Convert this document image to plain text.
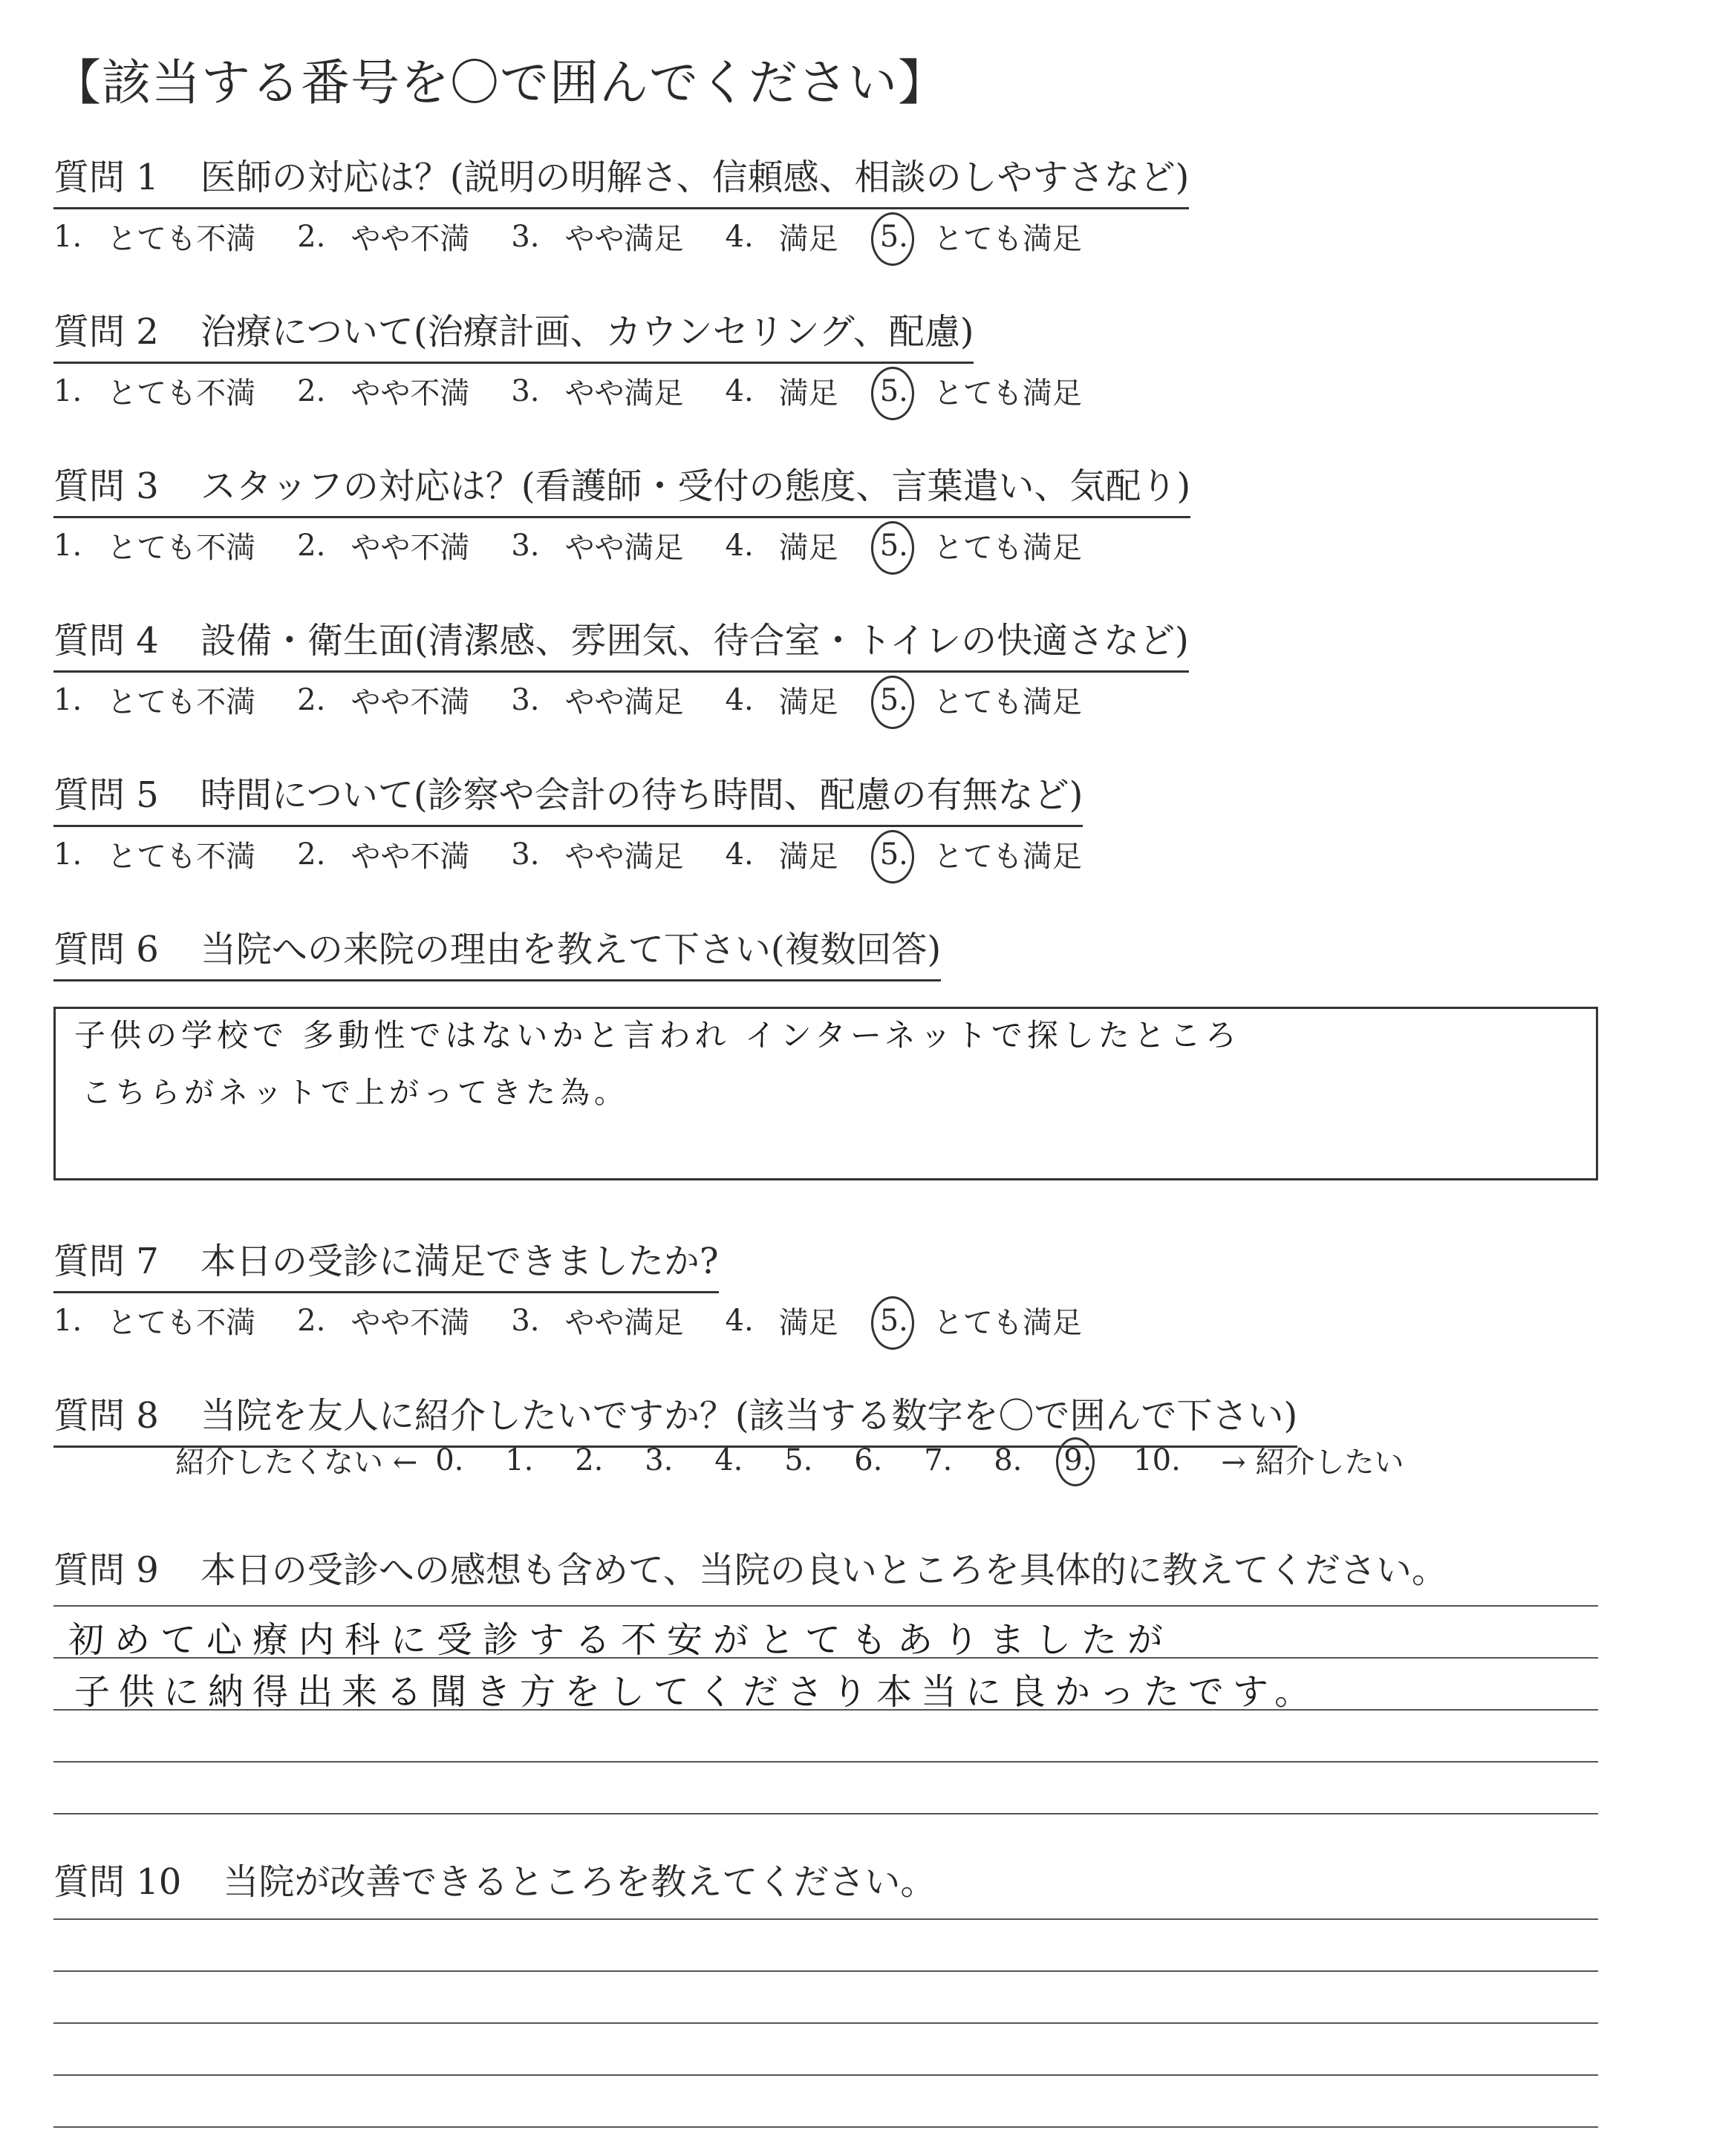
【該当する番号を〇で囲んでください】
質問 1 医師の対応は？(説明の明解さ、信頼感、相談のしやすさなど)
1. とても不満 2. やや不満 3. やや満足 4. 満足 5. とても満足
質問 2 治療について(治療計画、カウンセリング、配慮)
1. とても不満 2. やや不満 3. やや満足 4. 満足 5. とても満足
質問 3 スタッフの対応は？(看護師・受付の態度、言葉遣い、気配り)
1. とても不満 2. やや不満 3. やや満足 4. 満足 5. とても満足
質問 4 設備・衛生面(清潔感、雰囲気、待合室・トイレの快適さなど)
1. とても不満 2. やや不満 3. やや満足 4. 満足 5. とても満足
質問 5 時間について(診察や会計の待ち時間、配慮の有無など)
1. とても不満 2. やや不満 3. やや満足 4. 満足 5. とても満足
質問 6 当院への来院の理由を教えて下さい(複数回答)
子供の学校で 多動性ではないかと言われ インターネットで探したところ
こちらがネットで上がってきた為。
質問 7 本日の受診に満足できましたか?
1. とても不満 2. やや不満 3. やや満足 4. 満足 5. とても満足
質問 8 当院を友人に紹介したいですか？(該当する数字を〇で囲んで下さい)
紹介したくない ← 0.	1.	2.	3.	4.	5.	6.	7.	8.	9.	10.	→ 紹介したい
質問 9 本日の受診への感想も含めて、当院の良いところを具体的に教えてください。
初めて心療内科に受診する不安がとてもありましたが
子供に納得出来る聞き方をしてくださり本当に良かったです。
質問 10 当院が改善できるところを教えてください。
